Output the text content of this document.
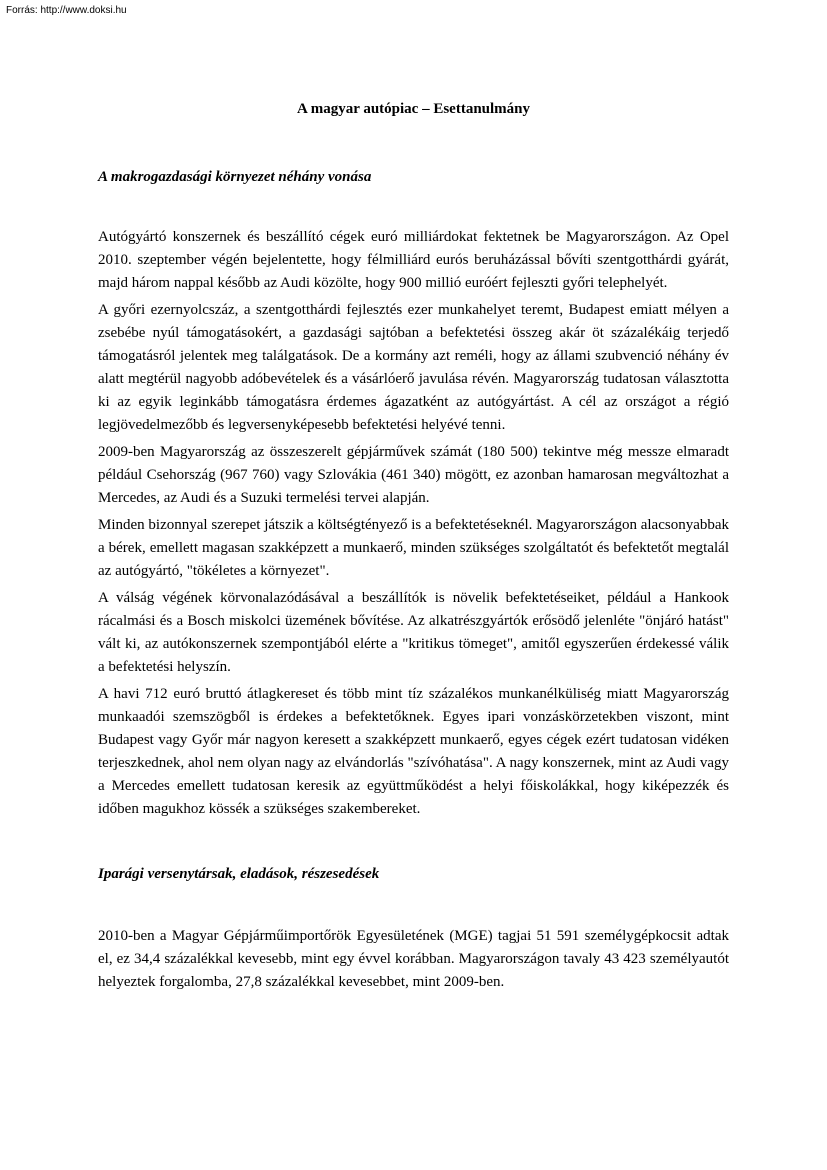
Forrás: http://www.doksi.hu
A magyar autópiac – Esettanulmány
A makrogazdasági környezet néhány vonása

Autógyártó konszernek és beszállító cégek euró milliárdokat fektetnek be Magyarországon. Az Opel 2010. szeptember végén bejelentette, hogy félmilliárd eurós beruházással bővíti szentgotthárdi gyárát, majd három nappal később az Audi közölte, hogy 900 millió euróért fejleszti győri telephelyét.

A győri ezernyolcszáz, a szentgotthárdi fejlesztés ezer munkahelyet teremt, Budapest emiatt mélyen a zsebébe nyúl támogatásokért, a gazdasági sajtóban a befektetési összeg akár öt százalékáig terjedő támogatásról jelentek meg találgatások. De a kormány azt reméli, hogy az állami szubvenció néhány év alatt megtérül nagyobb adóbevételek és a vásárlóerő javulása révén. Magyarország tudatosan választotta ki az egyik leginkább támogatásra érdemes ágazatként az autógyártást. A cél az országot a régió legjövedelmezőbb és legversenyképesebb befektetési helyévé tenni.

2009-ben Magyarország az összeszerelt gépjárművek számát (180 500) tekintve még messze elmaradt például Csehország (967 760) vagy Szlovákia (461 340) mögött, ez azonban hamarosan megváltozhat a Mercedes, az Audi és a Suzuki termelési tervei alapján.

Minden bizonnyal szerepet játszik a költségtényező is a befektetéseknél. Magyarországon alacsonyabbak a bérek, emellett magasan szakképzett a munkaerő, minden szükséges szolgáltatót és befektetőt megtalál az autógyártó, "tökéletes a környezet".

A válság végének körvonalazódásával a beszállítók is növelik befektetéseiket, például a Hankook rácalmási és a Bosch miskolci üzemének bővítése. Az alkatrészgyártók erősödő jelenléte "önjáró hatást" vált ki, az autókonszernek szempontjából elérte a "kritikus tömeget", amitől egyszerűen érdekessé válik a befektetési helyszín.

A havi 712 euró bruttó átlagkereset és több mint tíz százalékos munkanélküliség miatt Magyarország munkaadói szemszögből is érdekes a befektetőknek. Egyes ipari vonzáskörzetekben viszont, mint Budapest vagy Győr már nagyon keresett a szakképzett munkaerő, egyes cégek ezért tudatosan vidéken terjeszkednek, ahol nem olyan nagy az elvándorlás "szívóhatása". A nagy konszernek, mint az Audi vagy a Mercedes emellett tudatosan keresik az együttműködést a helyi főiskolákkal, hogy kiképezzék és időben magukhoz kössék a szükséges szakembereket.

Iparági versenytársak, eladások, részesedések

2010-ben a Magyar Gépjárműimportőrök Egyesületének (MGE) tagjai 51 591 személygépkocsit adtak el, ez 34,4 százalékkal kevesebb, mint egy évvel korábban. Magyarországon tavaly 43 423 személyautót helyeztek forgalomba, 27,8 százalékkal kevesebbet, mint 2009-ben.
